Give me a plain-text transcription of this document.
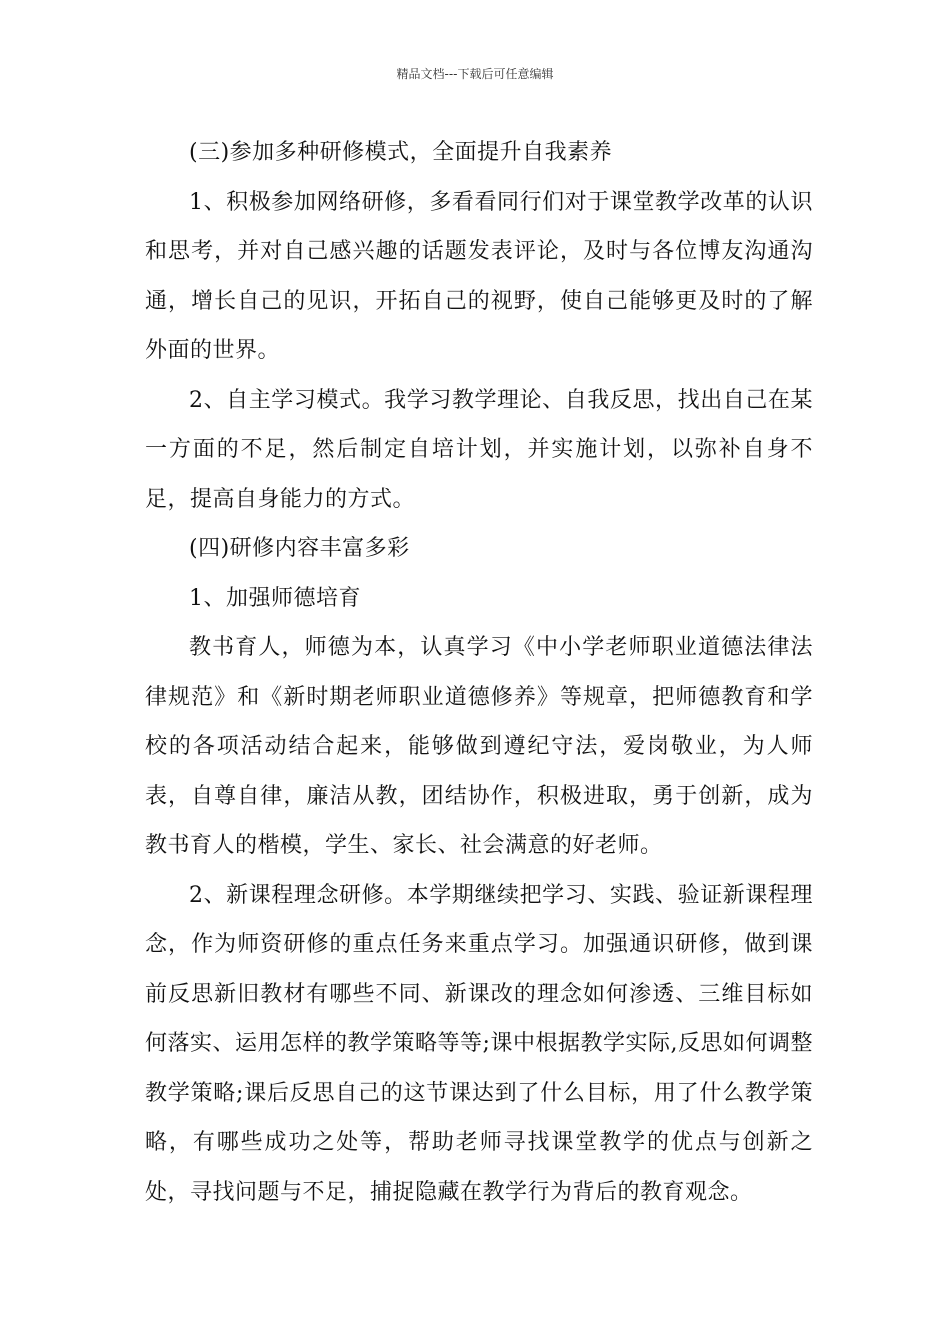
精品文档---下载后可任意编辑

(三)参加多种研修模式，全面提升自我素养

1、积极参加网络研修，多看看同行们对于课堂教学改革的认识和思考，并对自己感兴趣的话题发表评论，及时与各位博友沟通沟通，增长自己的见识，开拓自己的视野，使自己能够更及时的了解外面的世界。

2、自主学习模式。我学习教学理论、自我反思，找出自己在某一方面的不足，然后制定自培计划，并实施计划，以弥补自身不足，提高自身能力的方式。

(四)研修内容丰富多彩

1、加强师德培育

教书育人，师德为本，认真学习《中小学老师职业道德法律法律规范》和《新时期老师职业道德修养》等规章，把师德教育和学校的各项活动结合起来，能够做到遵纪守法，爱岗敬业，为人师表，自尊自律，廉洁从教，团结协作，积极进取，勇于创新，成为教书育人的楷模，学生、家长、社会满意的好老师。

2、新课程理念研修。本学期继续把学习、实践、验证新课程理念，作为师资研修的重点任务来重点学习。加强通识研修，做到课前反思新旧教材有哪些不同、新课改的理念如何渗透、三维目标如何落实、运用怎样的教学策略等等;课中根据教学实际,反思如何调整教学策略;课后反思自己的这节课达到了什么目标，用了什么教学策略，有哪些成功之处等，帮助老师寻找课堂教学的优点与创新之处，寻找问题与不足，捕捉隐藏在教学行为背后的教育观念。
